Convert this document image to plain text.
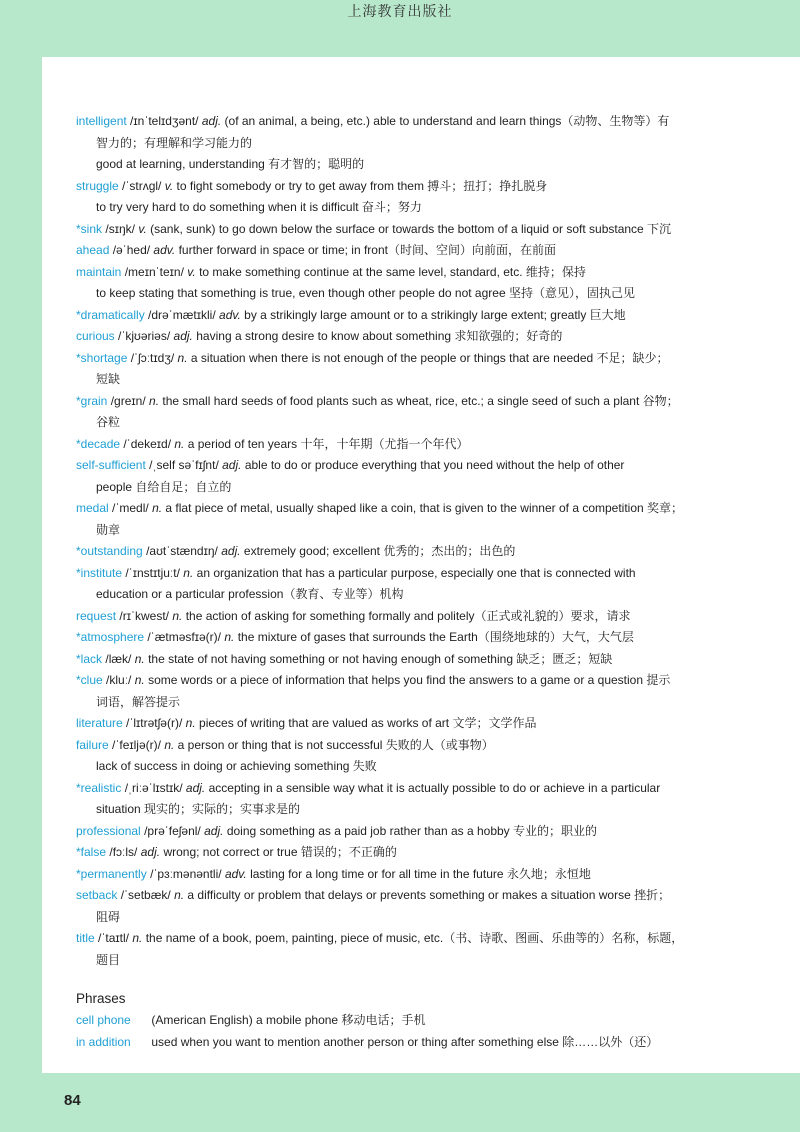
上海教育出版社
intelligent /ɪnˈtelɪdʒənt/ adj. (of an animal, a being, etc.) able to understand and learn things（动物、生物等）有
智力的；有理解和学习能力的
good at learning, understanding 有才智的；聪明的
struggle /ˈstrʌɡl/ v. to fight somebody or try to get away from them 搏斗；扭打；挣扎脱身
to try very hard to do something when it is difficult 奋斗；努力
*sink /sɪŋk/ v. (sank, sunk) to go down below the surface or towards the bottom of a liquid or soft substance 下沉
ahead /əˈhed/ adv. further forward in space or time; in front（时间、空间）向前面，在前面
maintain /meɪnˈteɪn/ v. to make something continue at the same level, standard, etc. 维持；保持
to keep stating that something is true, even though other people do not agree 坚持（意见），固执己见
*dramatically /drəˈmætɪkli/ adv. by a strikingly large amount or to a strikingly large extent; greatly 巨大地
curious /ˈkjʊəriəs/ adj. having a strong desire to know about something 求知欲强的；好奇的
*shortage /ˈʃɔːtɪdʒ/ n. a situation when there is not enough of the people or things that are needed 不足；缺少；
短缺
*grain /ɡreɪn/ n. the small hard seeds of food plants such as wheat, rice, etc.; a single seed of such a plant 谷物；
谷粒
*decade /ˈdekeɪd/ n. a period of ten years 十年，十年期（尤指一个年代）
self-sufficient /ˌself səˈfɪʃnt/ adj. able to do or produce everything that you need without the help of other
people 自给自足；自立的
medal /ˈmedl/ n. a flat piece of metal, usually shaped like a coin, that is given to the winner of a competition 奖章；
勋章
*outstanding /aʊtˈstændɪŋ/ adj. extremely good; excellent 优秀的；杰出的；出色的
*institute /ˈɪnstɪtjuːt/ n. an organization that has a particular purpose, especially one that is connected with
education or a particular profession（教育、专业等）机构
request /rɪˈkwest/ n. the action of asking for something formally and politely（正式或礼貌的）要求，请求
*atmosphere /ˈætməsfɪə(r)/ n. the mixture of gases that surrounds the Earth（围绕地球的）大气，大气层
*lack /læk/ n. the state of not having something or not having enough of something 缺乏；匮乏；短缺
*clue /kluː/ n. some words or a piece of information that helps you find the answers to a game or a question 提示
词语，解答提示
literature /ˈlɪtrətʃə(r)/ n. pieces of writing that are valued as works of art 文学；文学作品
failure /ˈfeɪljə(r)/ n. a person or thing that is not successful 失败的人（或事物）
lack of success in doing or achieving something 失败
*realistic /ˌriːəˈlɪstɪk/ adj. accepting in a sensible way what it is actually possible to do or achieve in a particular
situation 现实的；实际的；实事求是的
professional /prəˈfeʃənl/ adj. doing something as a paid job rather than as a hobby 专业的；职业的
*false /fɔːls/ adj. wrong; not correct or true 错误的；不正确的
*permanently /ˈpɜːmənəntli/ adv. lasting for a long time or for all time in the future 永久地；永恒地
setback /ˈsetbæk/ n. a difficulty or problem that delays or prevents something or makes a situation worse 挫折；
阻碍
title /ˈtaɪtl/ n. the name of a book, poem, painting, piece of music, etc.（书、诗歌、图画、乐曲等的）名称，标题，
题目
Phrases
cell phone (American English) a mobile phone 移动电话；手机
in addition used when you want to mention another person or thing after something else 除……以外（还）
84
